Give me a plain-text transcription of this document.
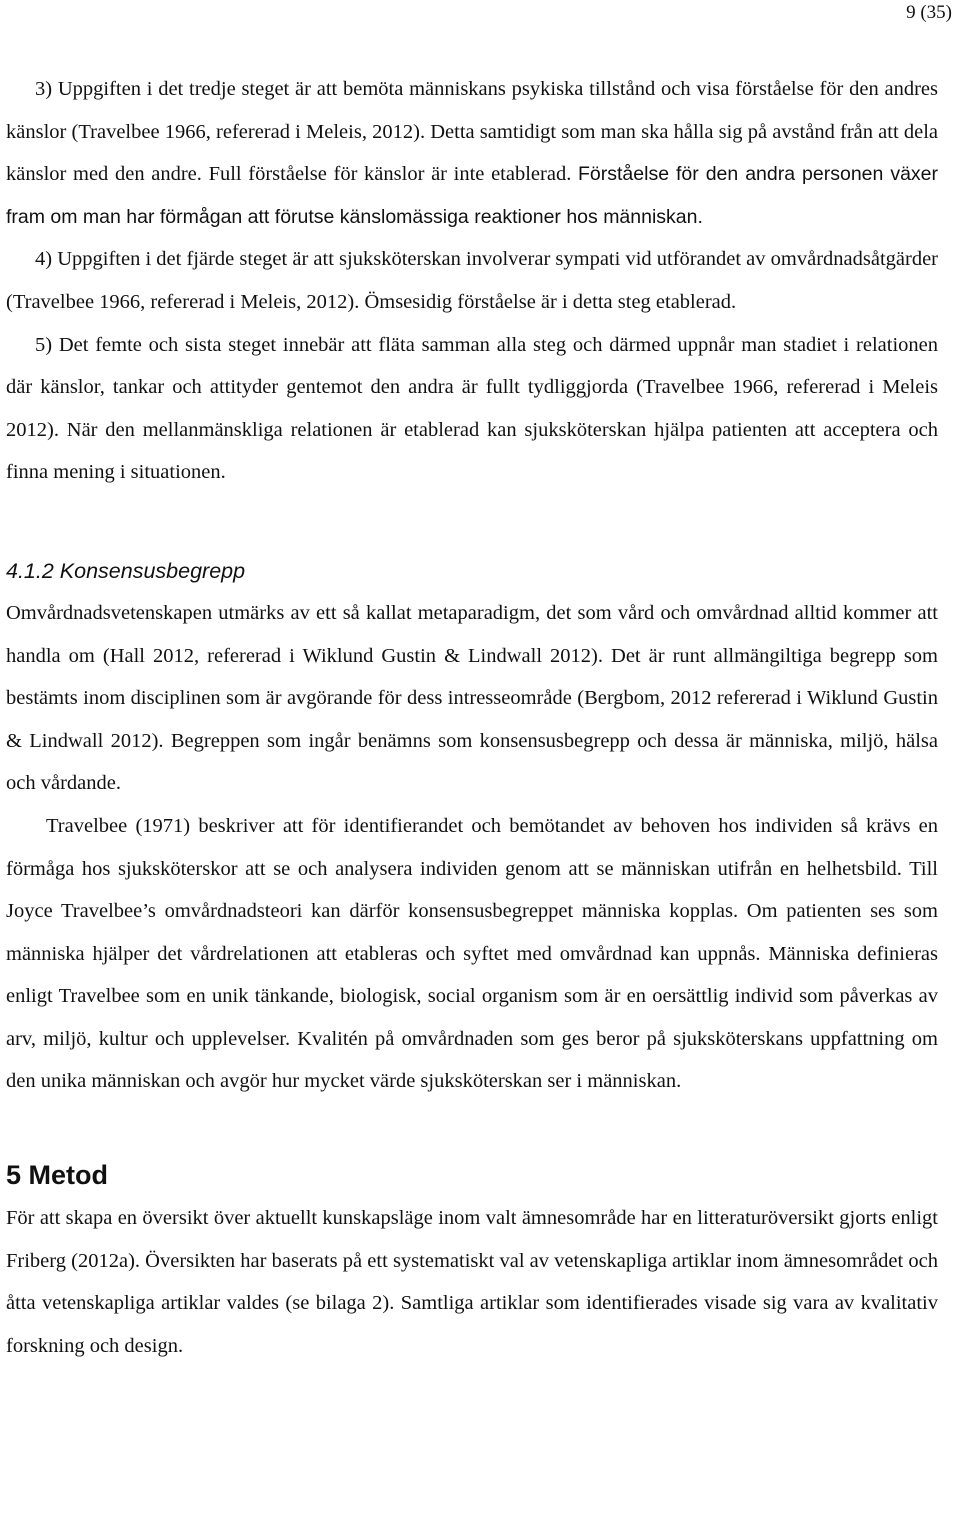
9 (35)

3) Uppgiften i det tredje steget är att bemöta människans psykiska tillstånd och visa förståelse för den andres känslor (Travelbee 1966, refererad i Meleis, 2012). Detta samtidigt som man ska hålla sig på avstånd från att dela känslor med den andre. Full förståelse för känslor är inte etablerad. Förståelse för den andra personen växer fram om man har förmågan att förutse känslomässiga reaktioner hos människan.

4) Uppgiften i det fjärde steget är att sjuksköterskan involverar sympati vid utförandet av omvårdnadsåtgärder (Travelbee 1966, refererad i Meleis, 2012). Ömsesidig förståelse är i detta steg etablerad.

5) Det femte och sista steget innebär att fläta samman alla steg och därmed uppnår man stadiet i relationen där känslor, tankar och attityder gentemot den andra är fullt tydliggjorda (Travelbee 1966, refererad i Meleis 2012). När den mellanmänskliga relationen är etablerad kan sjuksköterskan hjälpa patienten att acceptera och finna mening i situationen.

4.1.2 Konsensusbegrepp

Omvårdnadsvetenskapen utmärks av ett så kallat metaparadigm, det som vård och omvårdnad alltid kommer att handla om (Hall 2012, refererad i Wiklund Gustin & Lindwall 2012). Det är runt allmängiltiga begrepp som bestämts inom disciplinen som är avgörande för dess intresseområde (Bergbom, 2012 refererad i Wiklund Gustin & Lindwall 2012). Begreppen som ingår benämns som konsensusbegrepp och dessa är människa, miljö, hälsa och vårdande.

Travelbee (1971) beskriver att för identifierandet och bemötandet av behoven hos individen så krävs en förmåga hos sjuksköterskor att se och analysera individen genom att se människan utifrån en helhetsbild. Till Joyce Travelbee’s omvårdnadsteori kan därför konsensusbegreppet människa kopplas. Om patienten ses som människa hjälper det vårdrelationen att etableras och syftet med omvårdnad kan uppnås. Människa definieras enligt Travelbee som en unik tänkande, biologisk, social organism som är en oersättlig individ som påverkas av arv, miljö, kultur och upplevelser. Kvalitén på omvårdnaden som ges beror på sjuksköterskans uppfattning om den unika människan och avgör hur mycket värde sjuksköterskan ser i människan.

5 Metod

För att skapa en översikt över aktuellt kunskapsläge inom valt ämnesområde har en litteraturöversikt gjorts enligt Friberg (2012a). Översikten har baserats på ett systematiskt val av vetenskapliga artiklar inom ämnesområdet och åtta vetenskapliga artiklar valdes (se bilaga 2). Samtliga artiklar som identifierades visade sig vara av kvalitativ forskning och design.
